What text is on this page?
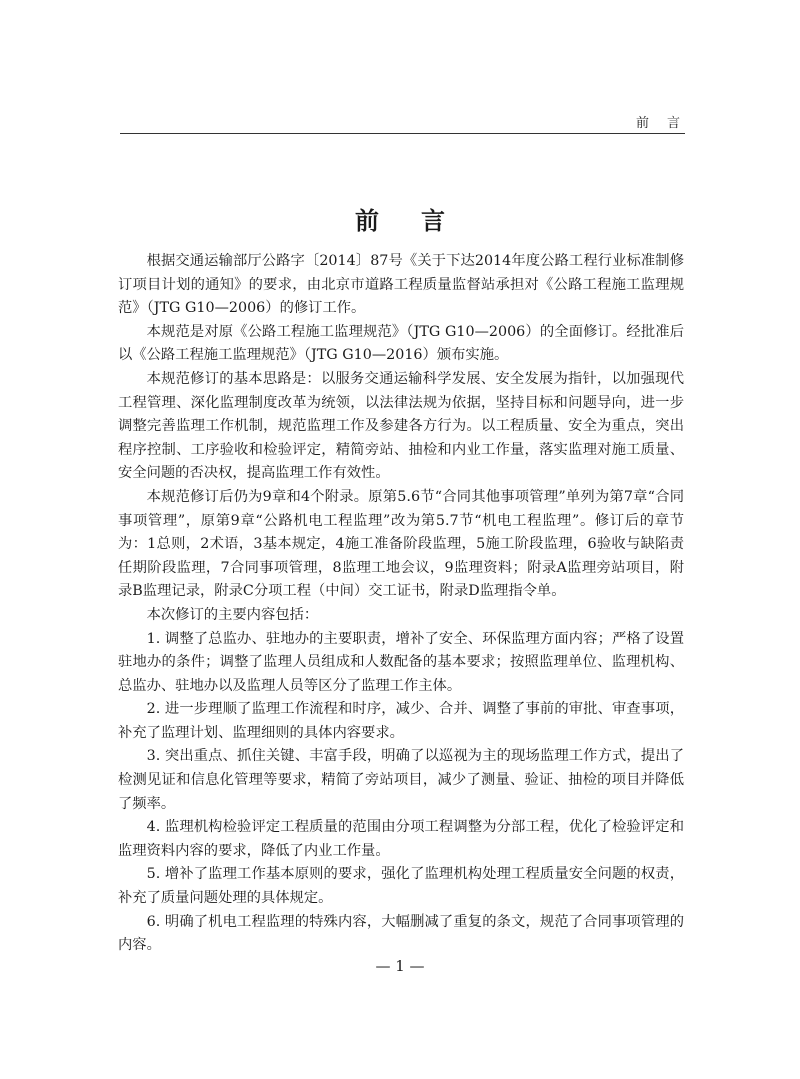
前言
前言

根据交通运输部厅公路字〔2014〕87号《关于下达2014年度公路工程行业标准制修订项目计划的通知》的要求，由北京市道路工程质量监督站承担对《公路工程施工监理规范》（JTG G10—2006）的修订工作。

本规范是对原《公路工程施工监理规范》（JTG G10—2006）的全面修订。经批准后以《公路工程施工监理规范》（JTG G10—2016）颁布实施。

本规范修订的基本思路是：以服务交通运输科学发展、安全发展为指针，以加强现代工程管理、深化监理制度改革为统领，以法律法规为依据，坚持目标和问题导向，进一步调整完善监理工作机制，规范监理工作及参建各方行为。以工程质量、安全为重点，突出程序控制、工序验收和检验评定，精简旁站、抽检和内业工作量，落实监理对施工质量、安全问题的否决权，提高监理工作有效性。

本规范修订后仍为9章和4个附录。原第5.6节“合同其他事项管理”单列为第7章“合同事项管理”，原第9章“公路机电工程监理”改为第5.7节“机电工程监理”。修订后的章节为：1总则，2术语，3基本规定，4施工准备阶段监理，5施工阶段监理，6验收与缺陷责任期阶段监理，7合同事项管理，8监理工地会议，9监理资料；附录A监理旁站项目，附录B监理记录，附录C分项工程（中间）交工证书，附录D监理指令单。

本次修订的主要内容包括：

1. 调整了总监办、驻地办的主要职责，增补了安全、环保监理方面内容；严格了设置驻地办的条件；调整了监理人员组成和人数配备的基本要求；按照监理单位、监理机构、总监办、驻地办以及监理人员等区分了监理工作主体。

2. 进一步理顺了监理工作流程和时序，减少、合并、调整了事前的审批、审查事项，补充了监理计划、监理细则的具体内容要求。

3. 突出重点、抓住关键、丰富手段，明确了以巡视为主的现场监理工作方式，提出了检测见证和信息化管理等要求，精简了旁站项目，减少了测量、验证、抽检的项目并降低了频率。

4. 监理机构检验评定工程质量的范围由分项工程调整为分部工程，优化了检验评定和监理资料内容的要求，降低了内业工作量。

5. 增补了监理工作基本原则的要求，强化了监理机构处理工程质量安全问题的权责，补充了质量问题处理的具体规定。

6. 明确了机电工程监理的特殊内容，大幅删减了重复的条文，规范了合同事项管理的内容。

— 1 —
